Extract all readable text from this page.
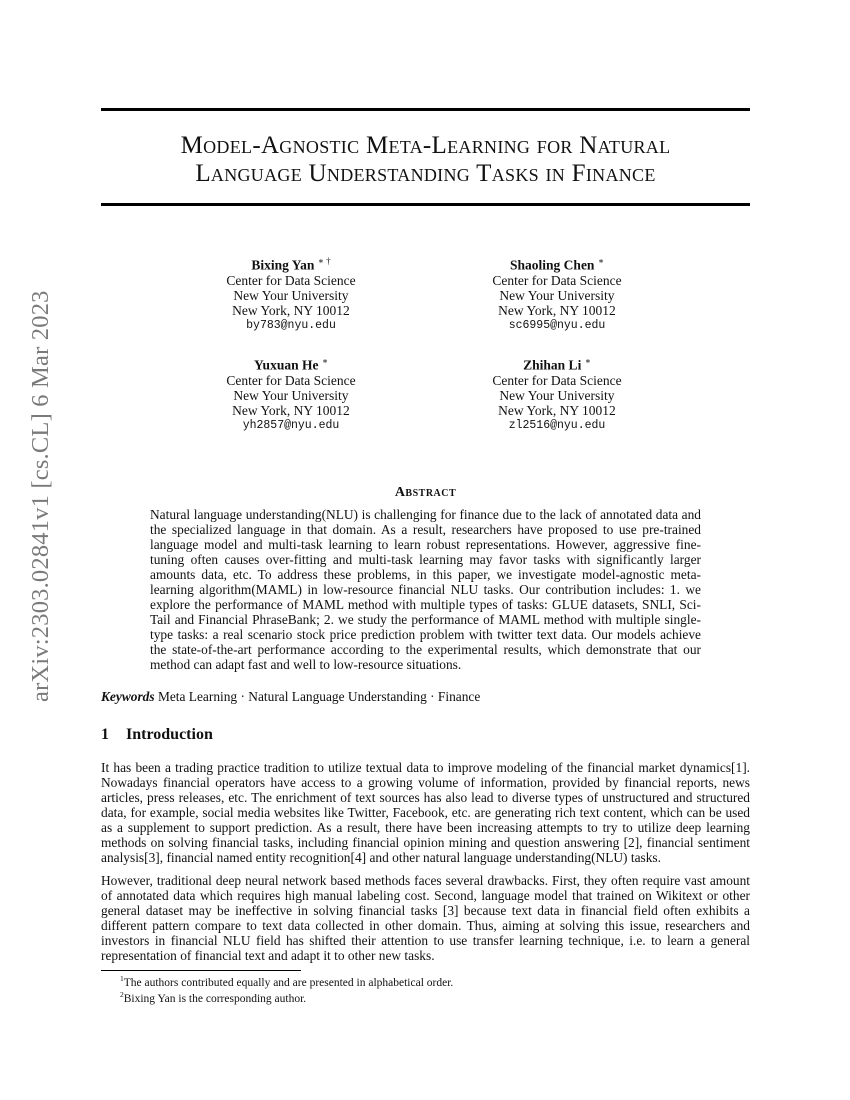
arXiv:2303.02841v1 [cs.CL] 6 Mar 2023
Model-Agnostic Meta-Learning for Natural
Language Understanding Tasks in Finance
Bixing Yan ∗ †
Center for Data Science
New Your University
New York, NY 10012
by783@nyu.edu
Shaoling Chen ∗
Center for Data Science
New Your University
New York, NY 10012
sc6995@nyu.edu
Yuxuan He ∗
Center for Data Science
New Your University
New York, NY 10012
yh2857@nyu.edu
Zhihan Li ∗
Center for Data Science
New Your University
New York, NY 10012
zl2516@nyu.edu
Abstract
Natural language understanding(NLU) is challenging for finance due to the lack of annotated data and the specialized language in that domain. As a result, researchers have proposed to use pre-trained language model and multi-task learning to learn robust representations. However, aggressive fine-tuning often causes over-fitting and multi-task learning may favor tasks with significantly larger amounts data, etc. To address these problems, in this paper, we investigate model-agnostic meta-learning algorithm(MAML) in low-resource financial NLU tasks. Our contribution includes: 1. we explore the performance of MAML method with multiple types of tasks: GLUE datasets, SNLI, Sci-Tail and Financial PhraseBank; 2. we study the performance of MAML method with multiple single-type tasks: a real scenario stock price prediction problem with twitter text data. Our models achieve the state-of-the-art performance according to the experimental results, which demonstrate that our method can adapt fast and well to low-resource situations.
Keywords Meta Learning · Natural Language Understanding · Finance
1 Introduction
It has been a trading practice tradition to utilize textual data to improve modeling of the financial market dynamics[1]. Nowadays financial operators have access to a growing volume of information, provided by financial reports, news articles, press releases, etc. The enrichment of text sources has also lead to diverse types of unstructured and structured data, for example, social media websites like Twitter, Facebook, etc. are generating rich text content, which can be used as a supplement to support prediction. As a result, there have been increasing attempts to try to utilize deep learning methods on solving financial tasks, including financial opinion mining and question answering [2], financial sentiment analysis[3], financial named entity recognition[4] and other natural language understanding(NLU) tasks.
However, traditional deep neural network based methods faces several drawbacks. First, they often require vast amount of annotated data which requires high manual labeling cost. Second, language model that trained on Wikitext or other general dataset may be ineffective in solving financial tasks [3] because text data in financial field often exhibits a different pattern compare to text data collected in other domain. Thus, aiming at solving this issue, researchers and investors in financial NLU field has shifted their attention to use transfer learning technique, i.e. to learn a general representation of financial text and adapt it to other new tasks.
$^1$The authors contributed equally and are presented in alphabetical order.
$^2$Bixing Yan is the corresponding author.
